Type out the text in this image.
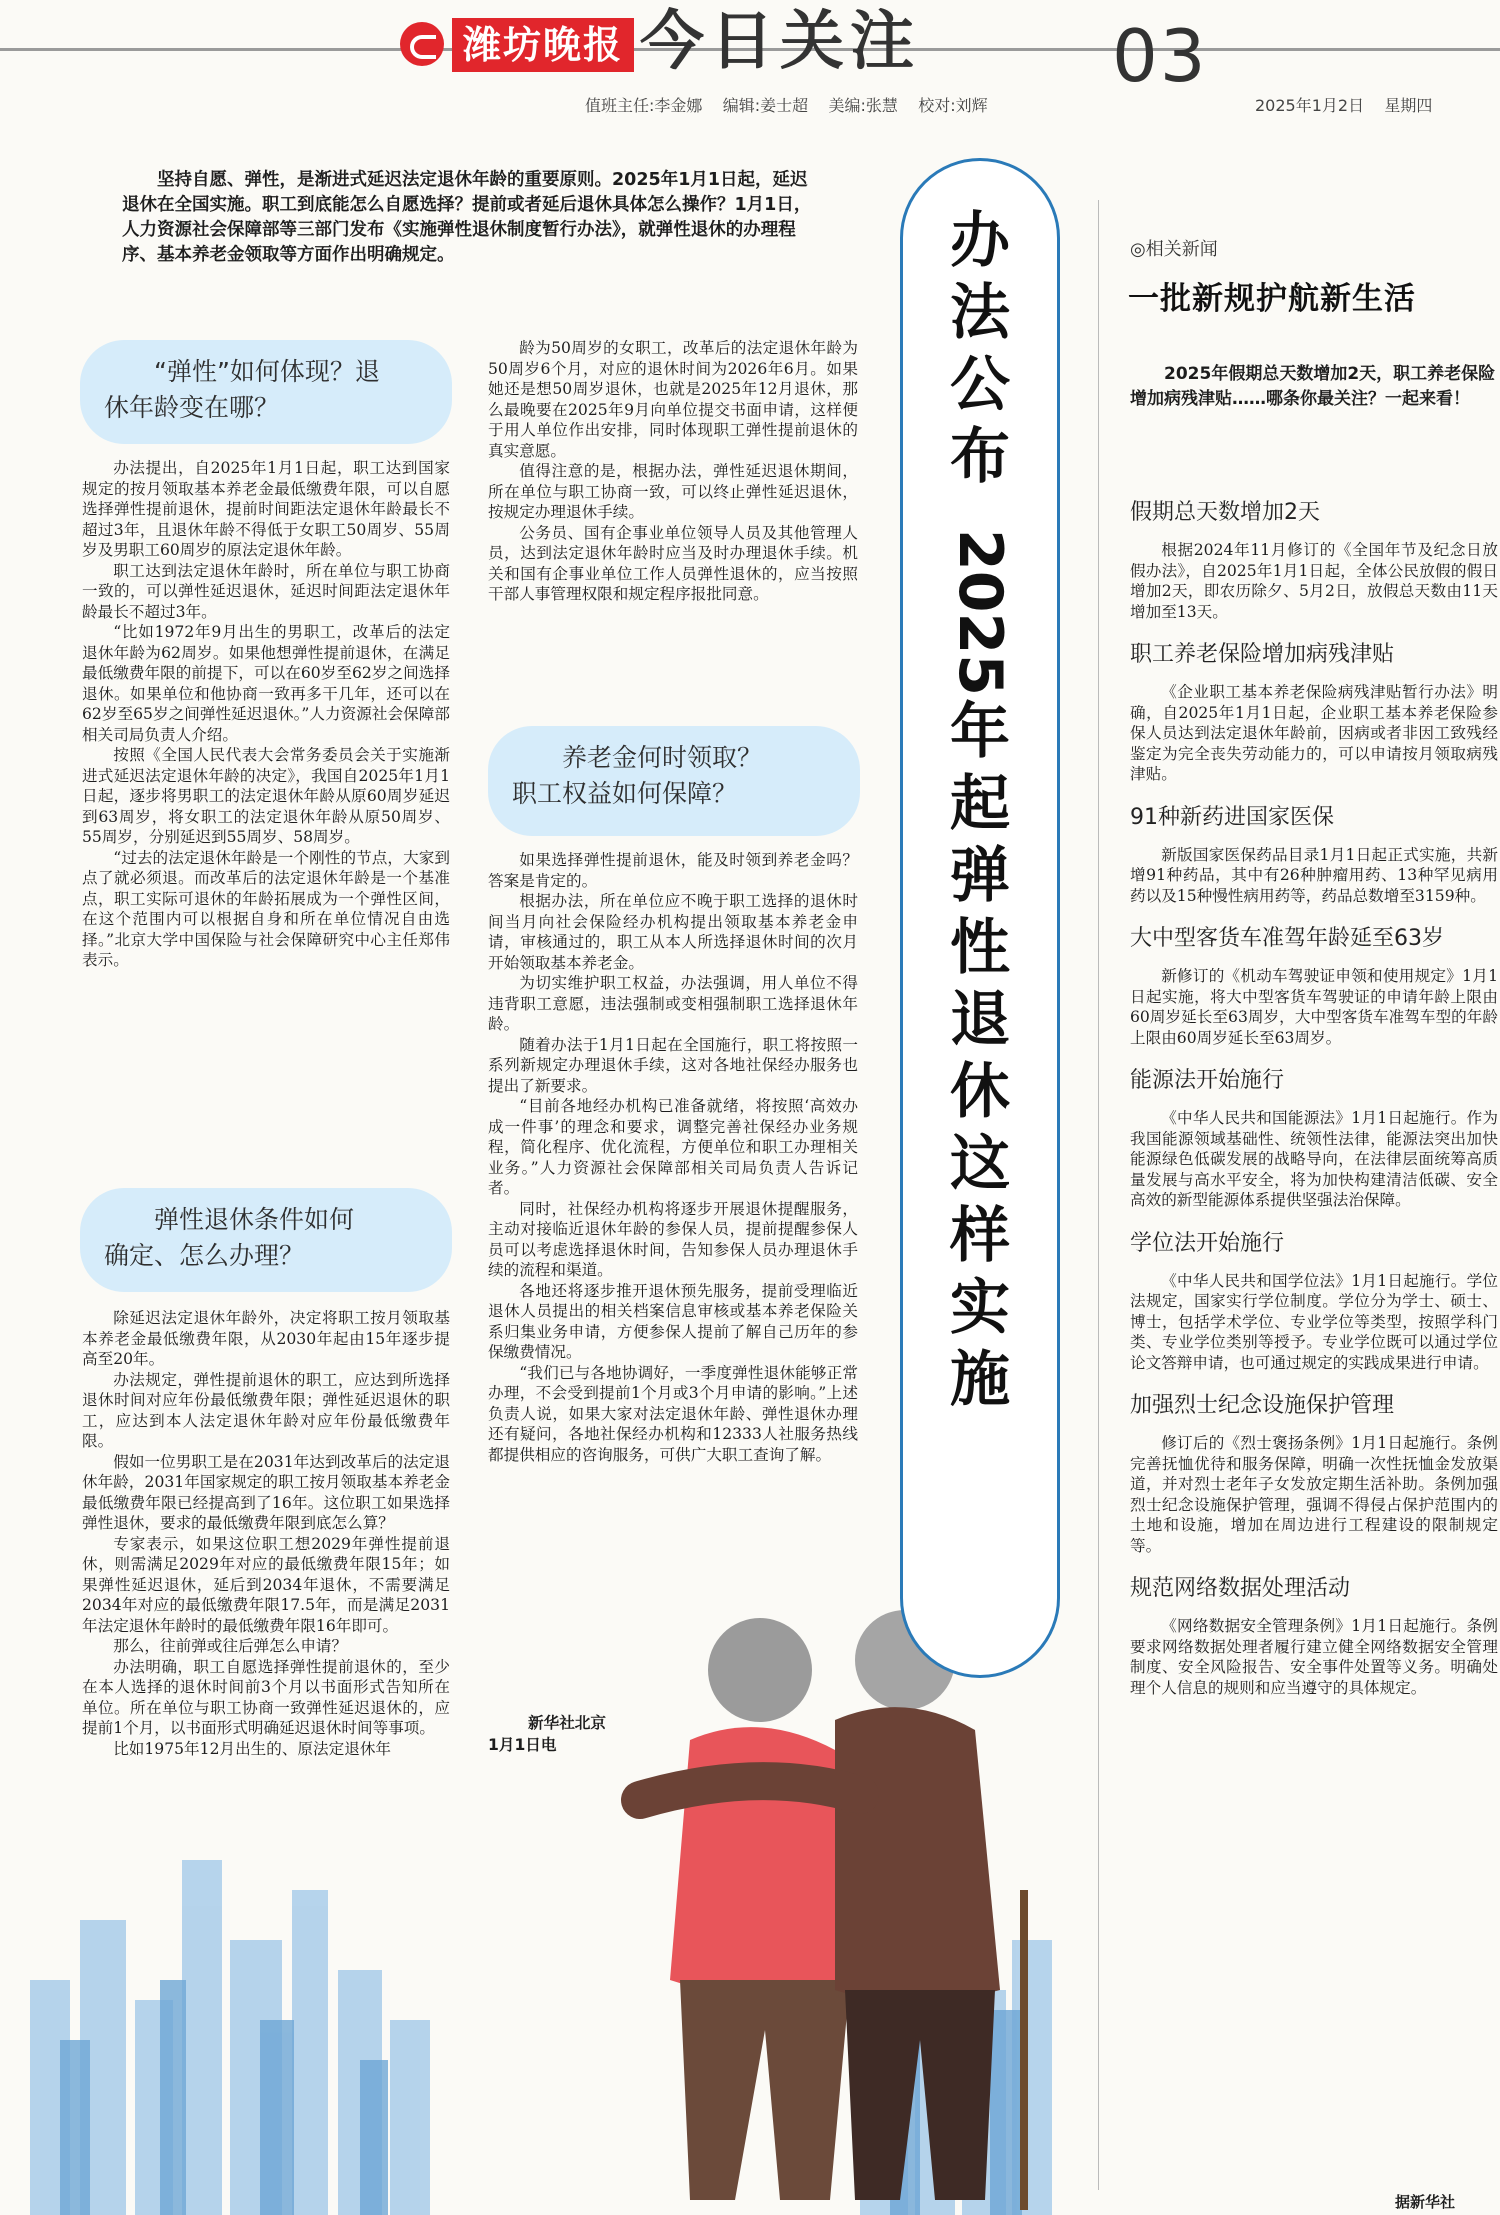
潍坊晚报 今日关注	03
值班主任:李金娜    编辑:姜士超    美编:张慧    校对:刘辉	2025年1月2日    星期四

坚持自愿、弹性，是渐进式延迟法定退休年龄的重要原则。2025年1月1日起，延迟退休在全国实施。职工到底能怎么自愿选择？提前或者延后退休具体怎么操作？1月1日，人力资源社会保障部等三部门发布《实施弹性退休制度暂行办法》，就弹性退休的办理程序、基本养老金领取等方面作出明确规定。

“弹性”如何体现？退
休年龄变在哪？

办法提出，自2025年1月1日起，职工达到国家规定的按月领取基本养老金最低缴费年限，可以自愿选择弹性提前退休，提前时间距法定退休年龄最长不超过3年，且退休年龄不得低于女职工50周岁、55周岁及男职工60周岁的原法定退休年龄。

职工达到法定退休年龄时，所在单位与职工协商一致的，可以弹性延迟退休，延迟时间距法定退休年龄最长不超过3年。

“比如1972年9月出生的男职工，改革后的法定退休年龄为62周岁。如果他想弹性提前退休，在满足最低缴费年限的前提下，可以在60岁至62岁之间选择退休。如果单位和他协商一致再多干几年，还可以在62岁至65岁之间弹性延迟退休。”人力资源社会保障部相关司局负责人介绍。

按照《全国人民代表大会常务委员会关于实施渐进式延迟法定退休年龄的决定》，我国自2025年1月1日起，逐步将男职工的法定退休年龄从原60周岁延迟到63周岁，将女职工的法定退休年龄从原50周岁、55周岁，分别延迟到55周岁、58周岁。

“过去的法定退休年龄是一个刚性的节点，大家到点了就必须退。而改革后的法定退休年龄是一个基准点，职工实际可退休的年龄拓展成为一个弹性区间，在这个范围内可以根据自身和所在单位情况自由选择。”北京大学中国保险与社会保障研究中心主任郑伟表示。

弹性退休条件如何
确定、怎么办理？

除延迟法定退休年龄外，决定将职工按月领取基本养老金最低缴费年限，从2030年起由15年逐步提高至20年。

办法规定，弹性提前退休的职工，应达到所选择退休时间对应年份最低缴费年限；弹性延迟退休的职工，应达到本人法定退休年龄对应年份最低缴费年限。

假如一位男职工是在2031年达到改革后的法定退休年龄，2031年国家规定的职工按月领取基本养老金最低缴费年限已经提高到了16年。这位职工如果选择弹性退休，要求的最低缴费年限到底怎么算？

专家表示，如果这位职工想2029年弹性提前退休，则需满足2029年对应的最低缴费年限15年；如果弹性延迟退休，延后到2034年退休，不需要满足2034年对应的最低缴费年限17.5年，而是满足2031年法定退休年龄时的最低缴费年限16年即可。

那么，往前弹或往后弹怎么申请？

办法明确，职工自愿选择弹性提前退休的，至少在本人选择的退休时间前3个月以书面形式告知所在单位。所在单位与职工协商一致弹性延迟退休的，应提前1个月，以书面形式明确延迟退休时间等事项。

比如1975年12月出生的、原法定退休年

龄为50周岁的女职工，改革后的法定退休年龄为50周岁6个月，对应的退休时间为2026年6月。如果她还是想50周岁退休，也就是2025年12月退休，那么最晚要在2025年9月向单位提交书面申请，这样便于用人单位作出安排，同时体现职工弹性提前退休的真实意愿。

值得注意的是，根据办法，弹性延迟退休期间，所在单位与职工协商一致，可以终止弹性延迟退休，按规定办理退休手续。

公务员、国有企事业单位领导人员及其他管理人员，达到法定退休年龄时应当及时办理退休手续。机关和国有企事业单位工作人员弹性退休的，应当按照干部人事管理权限和规定程序报批同意。

养老金何时领取？
职工权益如何保障？

如果选择弹性提前退休，能及时领到养老金吗？答案是肯定的。

根据办法，所在单位应不晚于职工选择的退休时间当月向社会保险经办机构提出领取基本养老金申请，审核通过的，职工从本人所选择退休时间的次月开始领取基本养老金。

为切实维护职工权益，办法强调，用人单位不得违背职工意愿，违法强制或变相强制职工选择退休年龄。

随着办法于1月1日起在全国施行，职工将按照一系列新规定办理退休手续，这对各地社保经办服务也提出了新要求。

“目前各地经办机构已准备就绪，将按照‘高效办成一件事’的理念和要求，调整完善社保经办业务规程，简化程序、优化流程，方便单位和职工办理相关业务。”人力资源社会保障部相关司局负责人告诉记者。

同时，社保经办机构将逐步开展退休提醒服务，主动对接临近退休年龄的参保人员，提前提醒参保人员可以考虑选择退休时间，告知参保人员办理退休手续的流程和渠道。

各地还将逐步推开退休预先服务，提前受理临近退休人员提出的相关档案信息审核或基本养老保险关系归集业务申请，方便参保人提前了解自己历年的参保缴费情况。

“我们已与各地协调好，一季度弹性退休能够正常办理，不会受到提前1个月或3个月申请的影响。”上述负责人说，如果大家对法定退休年龄、弹性退休办理还有疑问，各地社保经办机构和12333人社服务热线都提供相应的咨询服务，可供广大职工查询了解。

新华社北京
1月1日电
办
法
公
布
2025
年
起
弹
性
退
休
这
样
实
施
◎相关新闻
一批新规护航新生活

2025年假期总天数增加2天，职工养老保险增加病残津贴……哪条你最关注？一起来看！

假期总天数增加2天

根据2024年11月修订的《全国年节及纪念日放假办法》，自2025年1月1日起，全体公民放假的假日增加2天，即农历除夕、5月2日，放假总天数由11天增加至13天。

职工养老保险增加病残津贴

《企业职工基本养老保险病残津贴暂行办法》明确，自2025年1月1日起，企业职工基本养老保险参保人员达到法定退休年龄前，因病或者非因工致残经鉴定为完全丧失劳动能力的，可以申请按月领取病残津贴。

91种新药进国家医保

新版国家医保药品目录1月1日起正式实施，共新增91种药品，其中有26种肿瘤用药、13种罕见病用药以及15种慢性病用药等，药品总数增至3159种。

大中型客货车准驾年龄延至63岁

新修订的《机动车驾驶证申领和使用规定》1月1日起实施，将大中型客货车驾驶证的申请年龄上限由60周岁延长至63周岁，大中型客货车准驾车型的年龄上限由60周岁延长至63周岁。

能源法开始施行

《中华人民共和国能源法》1月1日起施行。作为我国能源领域基础性、统领性法律，能源法突出加快能源绿色低碳发展的战略导向，在法律层面统筹高质量发展与高水平安全，将为加快构建清洁低碳、安全高效的新型能源体系提供坚强法治保障。

学位法开始施行

《中华人民共和国学位法》1月1日起施行。学位法规定，国家实行学位制度。学位分为学士、硕士、博士，包括学术学位、专业学位等类型，按照学科门类、专业学位类别等授予。专业学位既可以通过学位论文答辩申请，也可通过规定的实践成果进行申请。

加强烈士纪念设施保护管理

修订后的《烈士褒扬条例》1月1日起施行。条例完善抚恤优待和服务保障，明确一次性抚恤金发放渠道，并对烈士老年子女发放定期生活补助。条例加强烈士纪念设施保护管理，强调不得侵占保护范围内的土地和设施，增加在周边进行工程建设的限制规定等。

规范网络数据处理活动

《网络数据安全管理条例》1月1日起施行。条例要求网络数据处理者履行建立健全网络数据安全管理制度、安全风险报告、安全事件处置等义务。明确处理个人信息的规则和应当遵守的具体规定。

据新华社
